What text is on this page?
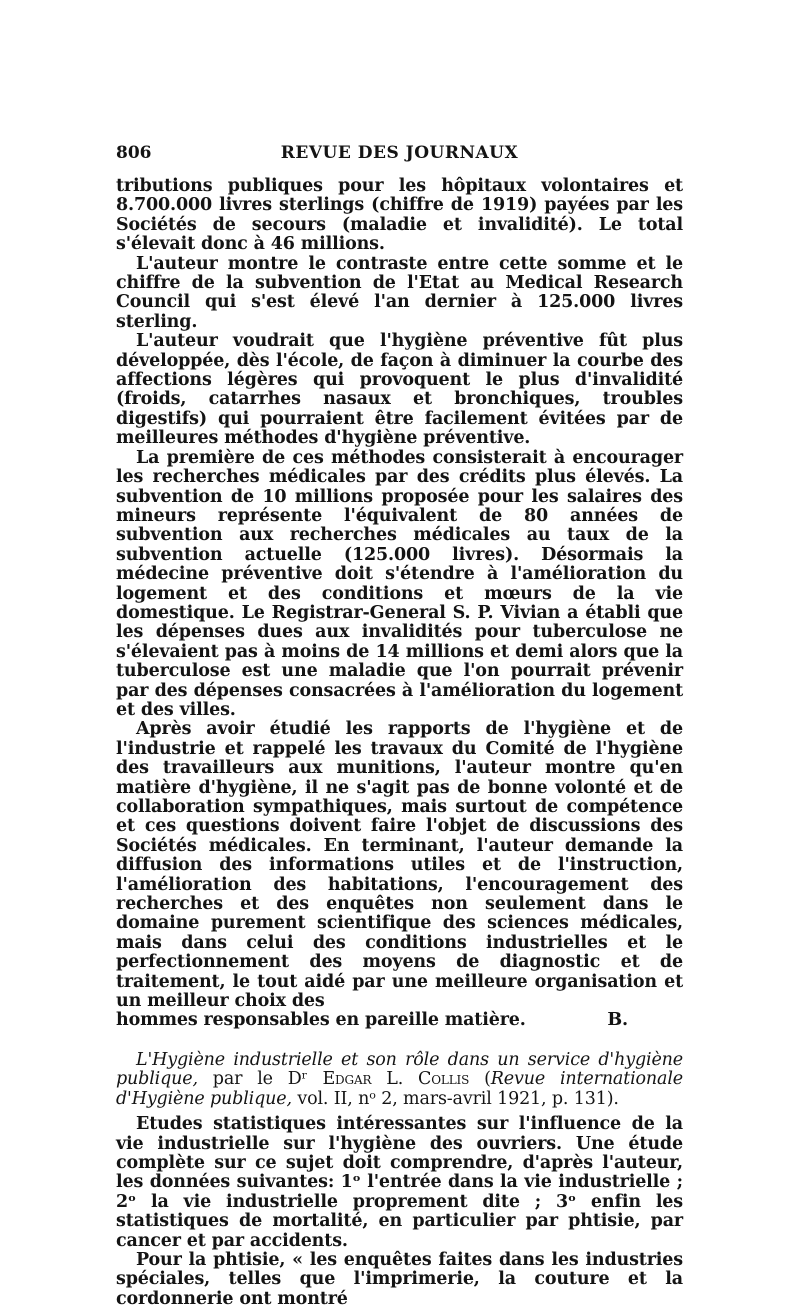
806	REVUE DES JOURNAUX

tributions publiques pour les hôpitaux volontaires et 8.700.000 livres sterlings (chiffre de 1919) payées par les Sociétés de secours (maladie et invalidité). Le total s'élevait donc à 46 millions.

L'auteur montre le contraste entre cette somme et le chiffre de la subvention de l'Etat au Medical Research Council qui s'est élevé l'an dernier à 125.000 livres sterling.

L'auteur voudrait que l'hygiène préventive fût plus développée, dès l'école, de façon à diminuer la courbe des affections légères qui provoquent le plus d'invalidité (froids, catarrhes nasaux et bronchiques, troubles digestifs) qui pourraient être facilement évitées par de meilleures méthodes d'hygiène préventive.

La première de ces méthodes consisterait à encourager les recherches médicales par des crédits plus élevés. La subvention de 10 millions proposée pour les salaires des mineurs représente l'équivalent de 80 années de subvention aux recherches médicales au taux de la subvention actuelle (125.000 livres). Désormais la médecine préventive doit s'étendre à l'amélioration du logement et des conditions et mœurs de la vie domestique. Le Registrar-General S. P. Vivian a établi que les dépenses dues aux invalidités pour tuberculose ne s'élevaient pas à moins de 14 millions et demi alors que la tuberculose est une maladie que l'on pourrait prévenir par des dépenses consacrées à l'amélioration du logement et des villes.

Après avoir étudié les rapports de l'hygiène et de l'industrie et rappelé les travaux du Comité de l'hygiène des travailleurs aux munitions, l'auteur montre qu'en matière d'hygiène, il ne s'agit pas de bonne volonté et de collaboration sympathiques, mais surtout de compétence et ces questions doivent faire l'objet de discussions des Sociétés médicales. En terminant, l'auteur demande la diffusion des informations utiles et de l'instruction, l'amélioration des habitations, l'encouragement des recherches et des enquêtes non seulement dans le domaine purement scientifique des sciences médicales, mais dans celui des conditions industrielles et le perfectionnement des moyens de diagnostic et de traitement, le tout aidé par une meilleure organisation et un meilleur choix des

hommes responsables en pareille matière.	B.

L'Hygiène industrielle et son rôle dans un service d'hygiène publique, par le Dʳ Edgar L. Collis (Revue internationale d'Hygiène publique, vol. II, nᵒ 2, mars-avril 1921, p. 131).

Etudes statistiques intéressantes sur l'influence de la vie industrielle sur l'hygiène des ouvriers. Une étude complète sur ce sujet doit comprendre, d'après l'auteur, les données suivantes: 1ᵒ l'entrée dans la vie industrielle ; 2ᵒ la vie industrielle proprement dite ; 3ᵒ enfin les statistiques de mortalité, en particulier par phtisie, par cancer et par accidents.

Pour la phtisie, « les enquêtes faites dans les industries spéciales, telles que l'imprimerie, la couture et la cordonnerie ont montré
